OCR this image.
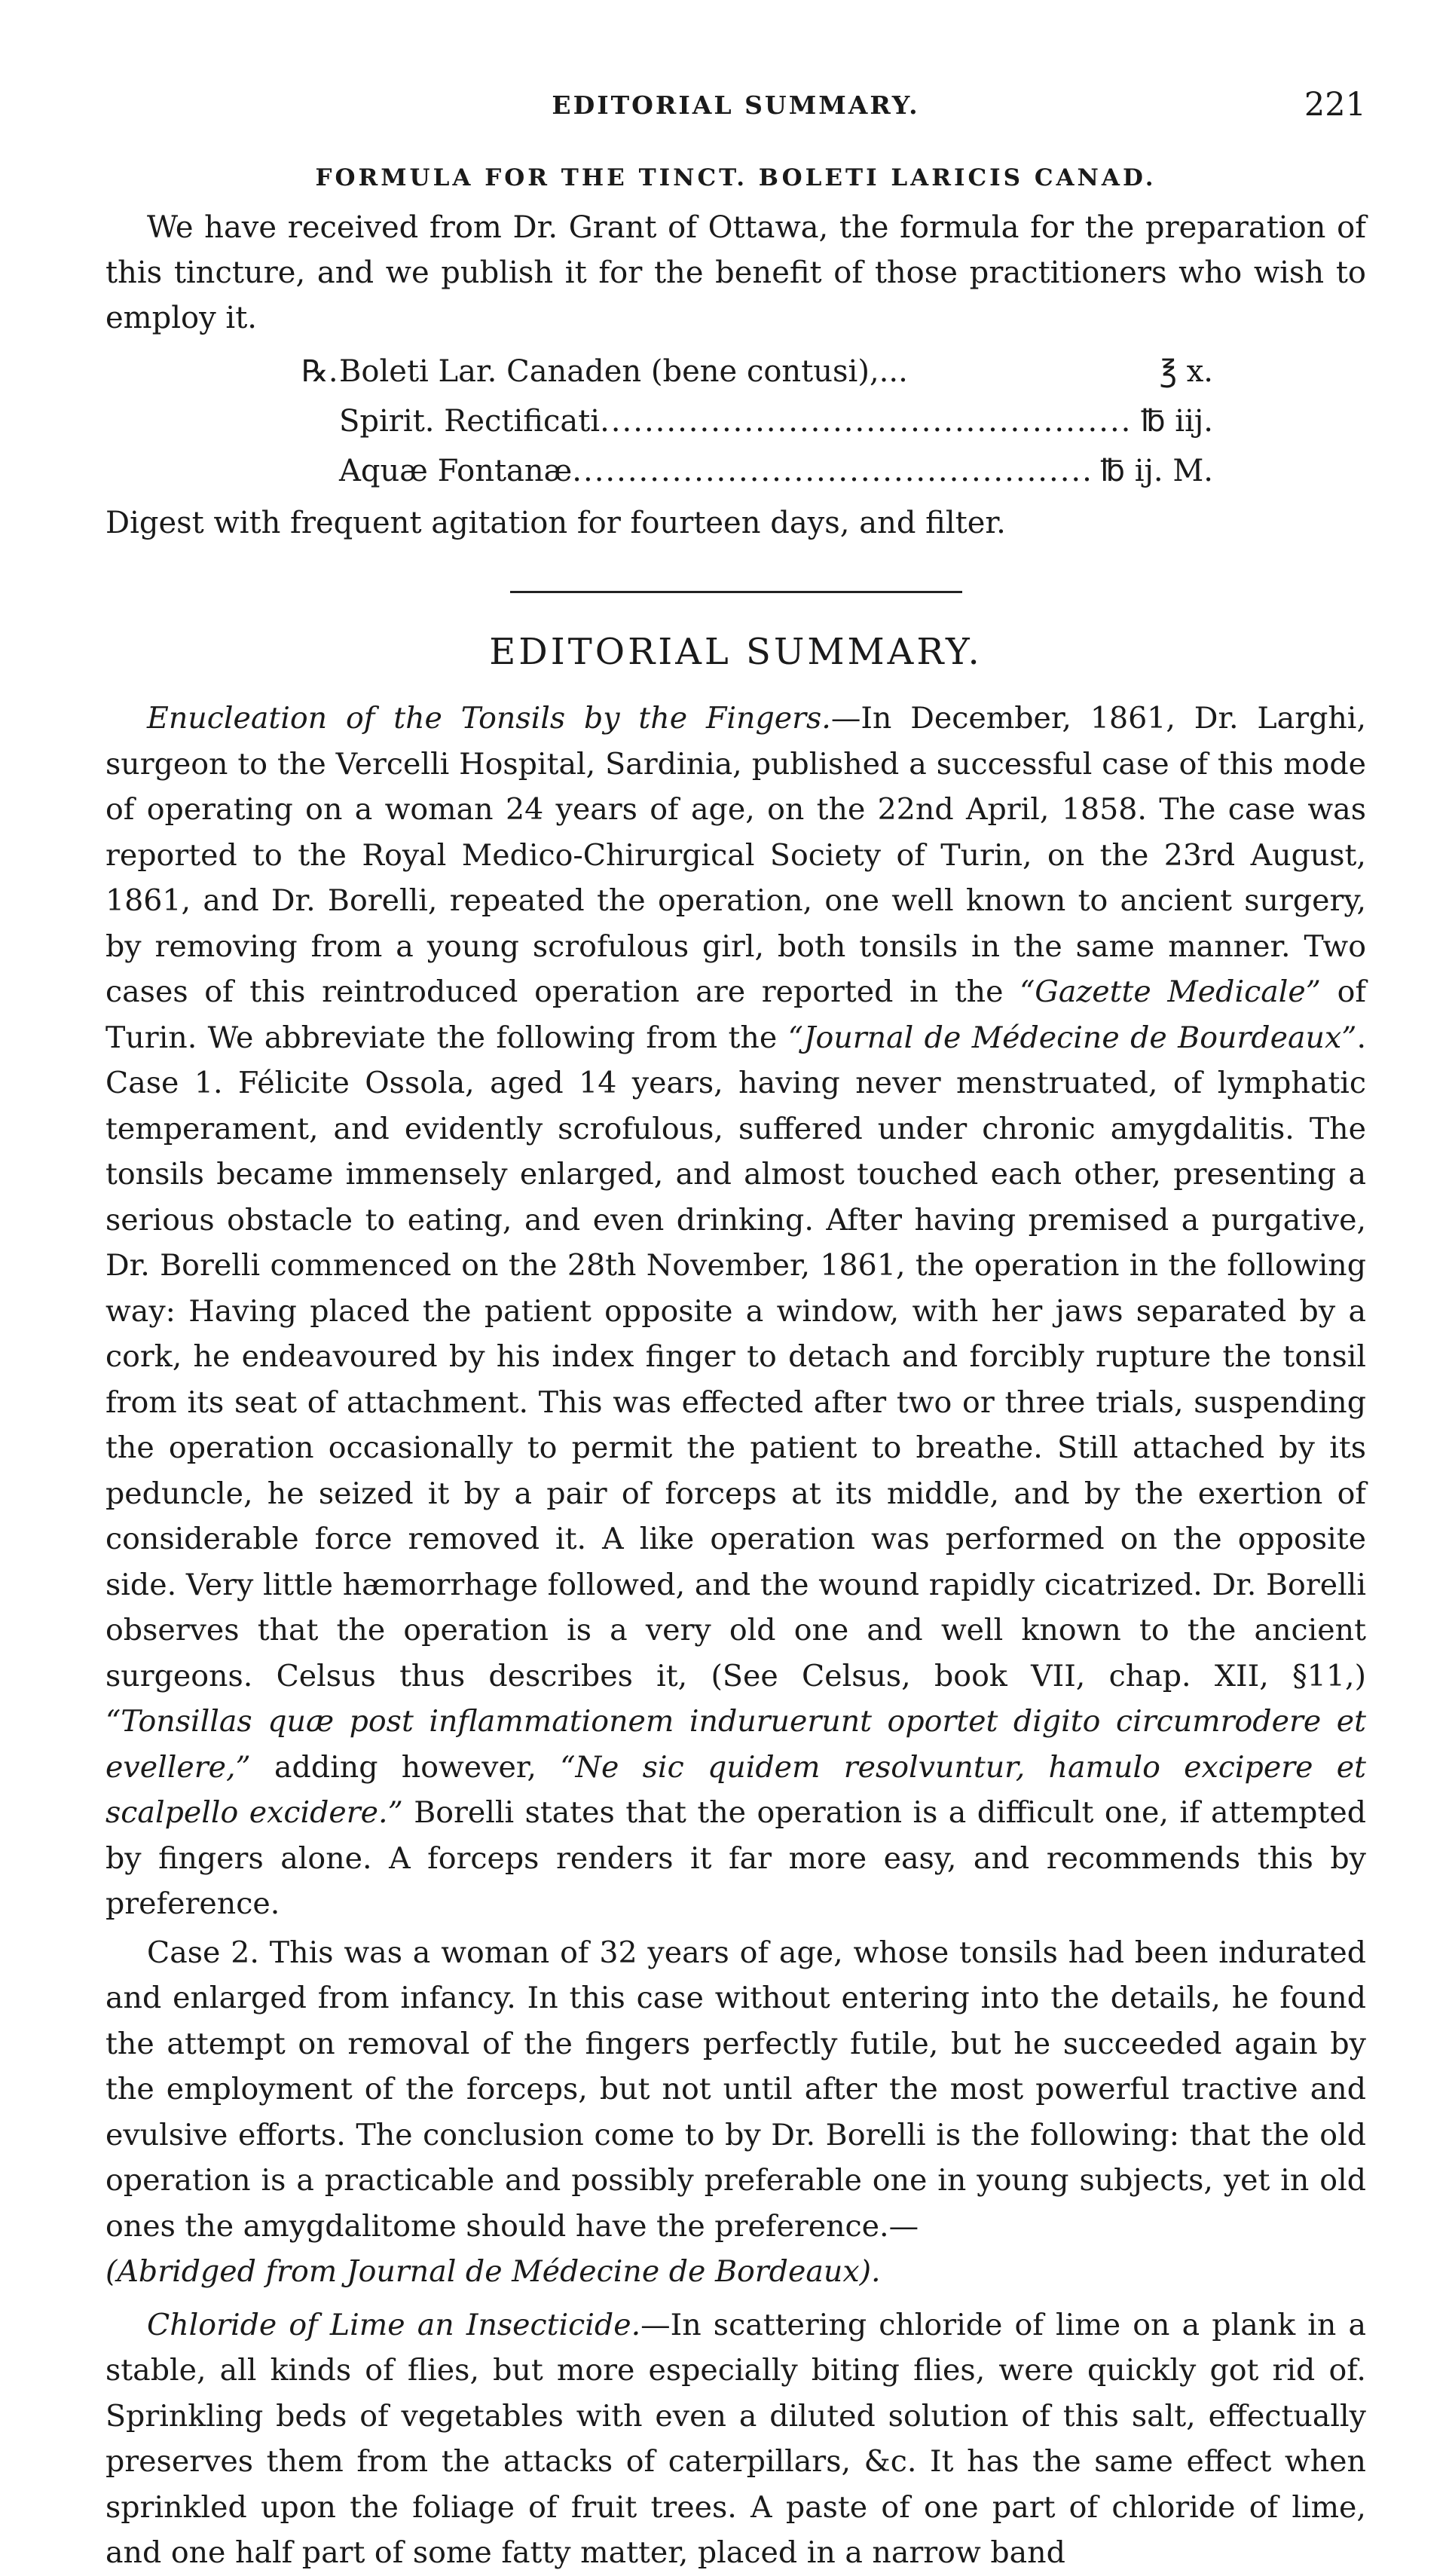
EDITORIAL SUMMARY.	221
FORMULA FOR THE TINCT. BOLETI LARICIS CANAD.

We have received from Dr. Grant of Ottawa, the formula for the preparation of this tincture, and we publish it for the benefit of those practitioners who wish to employ it.

℞.Boleti Lar. Canaden (bene contusi),...	℥ x.
Spirit. Rectificati .....	℔ iij.
Aquæ Fontanæ .....	℔ ij. M.

Digest with frequent agitation for fourteen days, and filter.

EDITORIAL SUMMARY.

Enucleation of the Tonsils by the Fingers.—In December, 1861, Dr. Larghi, surgeon to the Vercelli Hospital, Sardinia, published a successful case of this mode of operating on a woman 24 years of age, on the 22nd April, 1858. The case was reported to the Royal Medico-Chirurgical Society of Turin, on the 23rd August, 1861, and Dr. Borelli, repeated the operation, one well known to ancient surgery, by removing from a young scrofulous girl, both tonsils in the same manner. Two cases of this reintroduced operation are reported in the “Gazette Medicale” of Turin. We abbreviate the following from the “Journal de Médecine de Bourdeaux”. Case 1. Félicite Ossola, aged 14 years, having never menstruated, of lymphatic temperament, and evidently scrofulous, suffered under chronic amygdalitis. The tonsils became immensely enlarged, and almost touched each other, presenting a serious obstacle to eating, and even drinking. After having premised a purgative, Dr. Borelli commenced on the 28th November, 1861, the operation in the following way: Having placed the patient opposite a window, with her jaws separated by a cork, he endeavoured by his index finger to detach and forcibly rupture the tonsil from its seat of attachment. This was effected after two or three trials, suspending the operation occasionally to permit the patient to breathe. Still attached by its peduncle, he seized it by a pair of forceps at its middle, and by the exertion of considerable force removed it. A like operation was performed on the opposite side. Very little hæmorrhage followed, and the wound rapidly cicatrized. Dr. Borelli observes that the operation is a very old one and well known to the ancient surgeons. Celsus thus describes it, (See Celsus, book VII, chap. XII, §11,) “Tonsillas quæ post inflammationem induruerunt oportet digito circumrodere et evellere,” adding however, “Ne sic quidem resolvuntur, hamulo excipere et scalpello excidere.” Borelli states that the operation is a difficult one, if attempted by fingers alone. A forceps renders it far more easy, and recommends this by preference.

Case 2. This was a woman of 32 years of age, whose tonsils had been indurated and enlarged from infancy. In this case without entering into the details, he found the attempt on removal of the fingers perfectly futile, but he succeeded again by the employment of the forceps, but not until after the most powerful tractive and evulsive efforts. The conclusion come to by Dr. Borelli is the following: that the old operation is a practicable and possibly preferable one in young subjects, yet in old ones the amygdalitome should have the preference.—
(Abridged from Journal de Médecine de Bordeaux).

Chloride of Lime an Insecticide.—In scattering chloride of lime on a plank in a stable, all kinds of flies, but more especially biting flies, were quickly got rid of. Sprinkling beds of vegetables with even a diluted solution of this salt, effectually preserves them from the attacks of caterpillars, &c. It has the same effect when sprinkled upon the foliage of fruit trees. A paste of one part of chloride of lime, and one half part of some fatty matter, placed in a narrow band
